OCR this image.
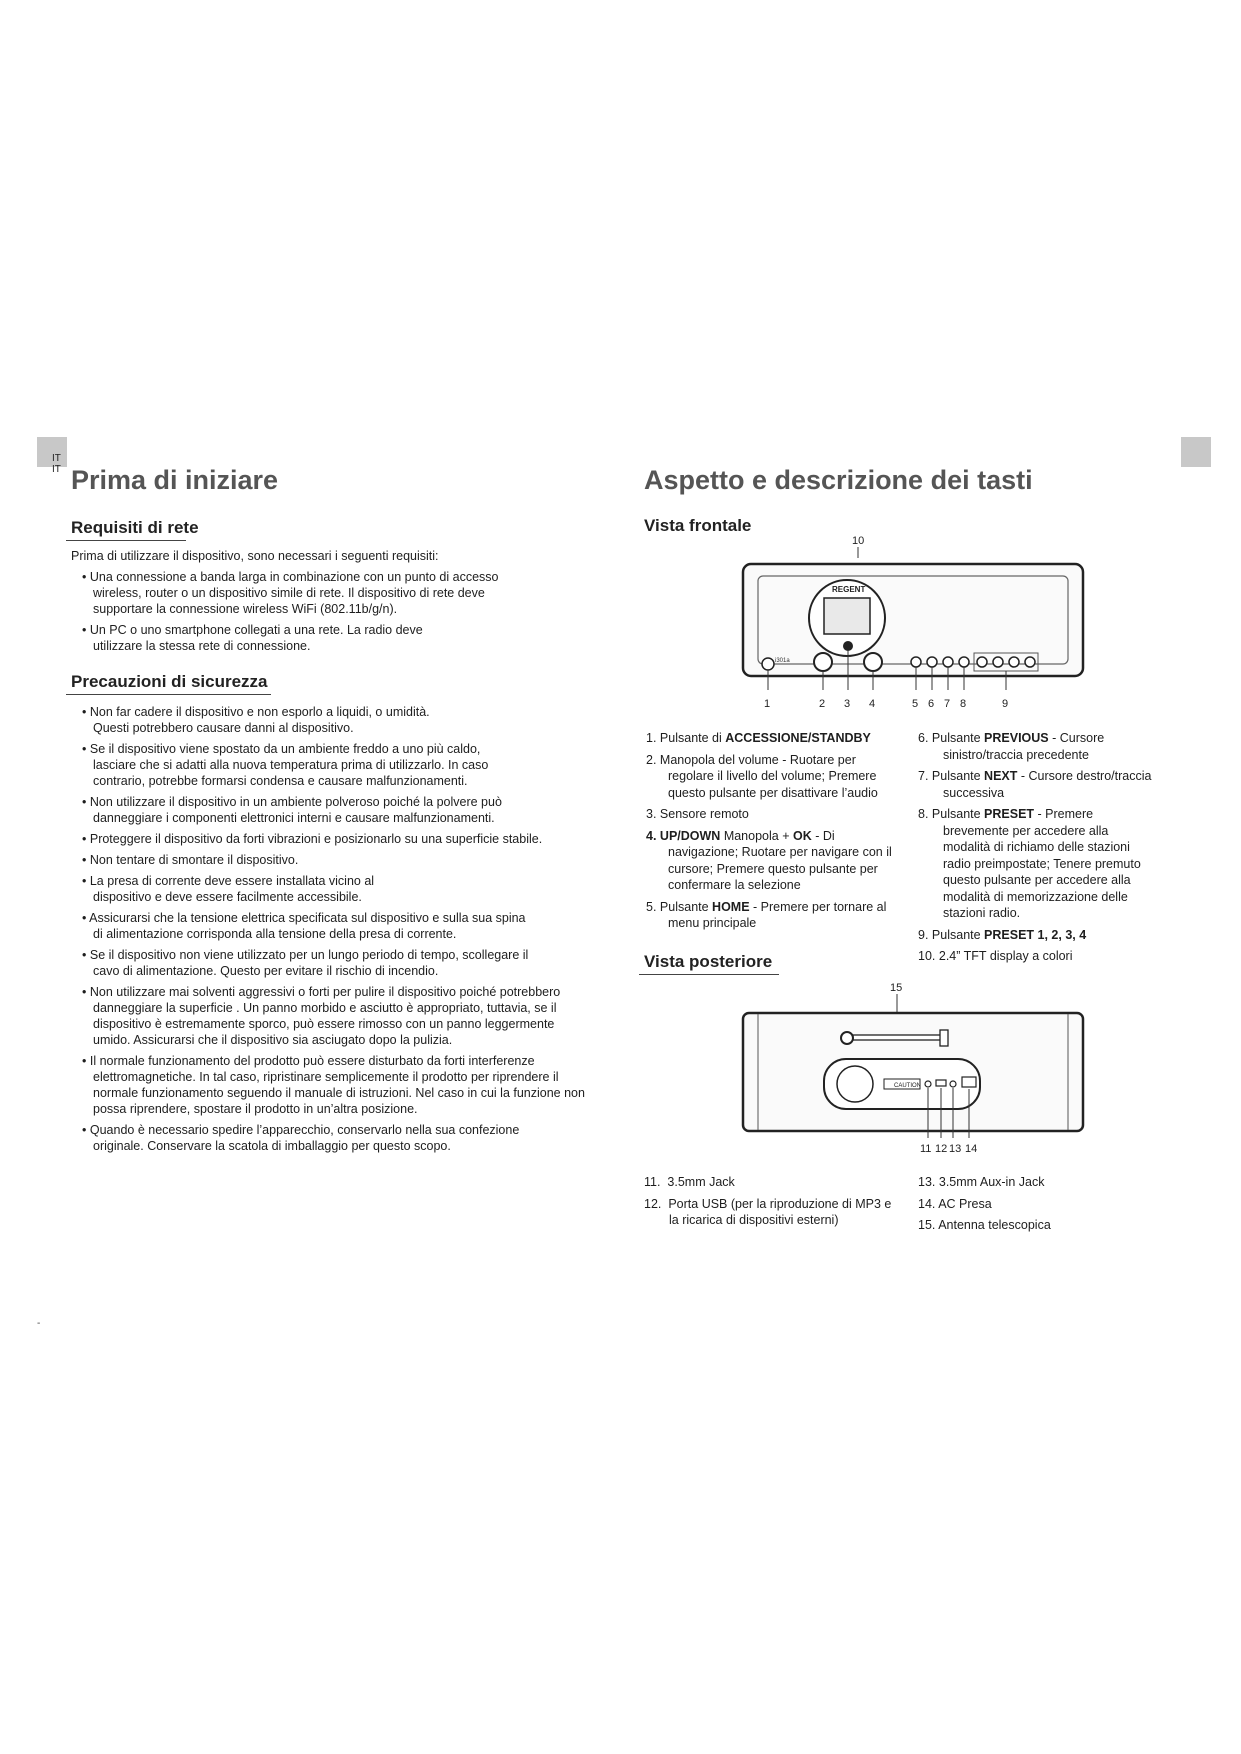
IT IT Prima di iniziare
Requisiti di rete

Prima di utilizzare il dispositivo, sono necessari i seguenti requisiti:

• Una connessione a banda larga in combinazione con un punto di accesso wireless, router o un dispositivo simile di rete. Il dispositivo di rete deve supportare la connessione wireless WiFi (802.11b/g/n).
• Un PC o uno smartphone collegati a una rete. La radio deve utilizzare la stessa rete di connessione.
Precauzioni di sicurezza
• Non far cadere il dispositivo e non esporlo a liquidi, o umidità. Questi potrebbero causare danni al dispositivo.
• Se il dispositivo viene spostato da un ambiente freddo a uno più caldo, lasciare che si adatti alla nuova temperatura prima di utilizzarlo. In caso contrario, potrebbe formarsi condensa e causare malfunzionamenti.
• Non utilizzare il dispositivo in un ambiente polveroso poiché la polvere può danneggiare i componenti elettronici interni e causare malfunzionamenti.
• Proteggere il dispositivo da forti vibrazioni e posizionarlo su una superficie stabile.
• Non tentare di smontare il dispositivo.
• La presa di corrente deve essere installata vicino al dispositivo e deve essere facilmente accessibile.
• Assicurarsi che la tensione elettrica specificata sul dispositivo e sulla sua spina di alimentazione corrisponda alla tensione della presa di corrente.
• Se il dispositivo non viene utilizzato per un lungo periodo di tempo, scollegare il cavo di alimentazione. Questo per evitare il rischio di incendio.
• Non utilizzare mai solventi aggressivi o forti per pulire il dispositivo poiché potrebbero danneggiare la superficie . Un panno morbido e asciutto è appropriato, tuttavia, se il dispositivo è estremamente sporco, può essere rimosso con un panno leggermente umido. Assicurarsi che il dispositivo sia asciugato dopo la pulizia.
• Il normale funzionamento del prodotto può essere disturbato da forti interferenze elettromagnetiche. In tal caso, ripristinare semplicemente il prodotto per riprendere il normale funzionamento seguendo il manuale di istruzioni. Nel caso in cui la funzione non possa riprendere, spostare il prodotto in un’altra posizione.
• Quando è necessario spedire l’apparecchio, conservarlo nella sua confezione originale. Conservare la scatola di imballaggio per questo scopo.
Aspetto e descrizione dei tasti
Vista frontale
10
REGENT
i301a
1	2 3 4	5 6 7 8	9
1. Pulsante di ACCESSIONE/STANDBY
2. Manopola del volume - Ruotare per regolare il livello del volume; Premere questo pulsante per disattivare l’audio
3. Sensore remoto
4. UP/DOWN Manopola + OK - Di navigazione; Ruotare per navigare con il cursore; Premere questo pulsante per confermare la selezione
5. Pulsante HOME - Premere per tornare al menu principale
6. Pulsante PREVIOUS - Cursore sinistro/traccia precedente
7. Pulsante NEXT - Cursore destro/traccia successiva
8. Pulsante PRESET - Premere brevemente per accedere alla modalità di richiamo delle stazioni radio preimpostate; Tenere premuto questo pulsante per accedere alla modalità di memorizzazione delle stazioni radio.
9. Pulsante PRESET 1, 2, 3, 4
10. 2.4” TFT display a colori
Vista posteriore
15
CAUTION
11 12 13 14
11. 3.5mm Jack
12. Porta USB (per la riproduzione di MP3 e la ricarica di dispositivi esterni)
13. 3.5mm Aux-in Jack
14. AC Presa
15. Antenna telescopica
-
